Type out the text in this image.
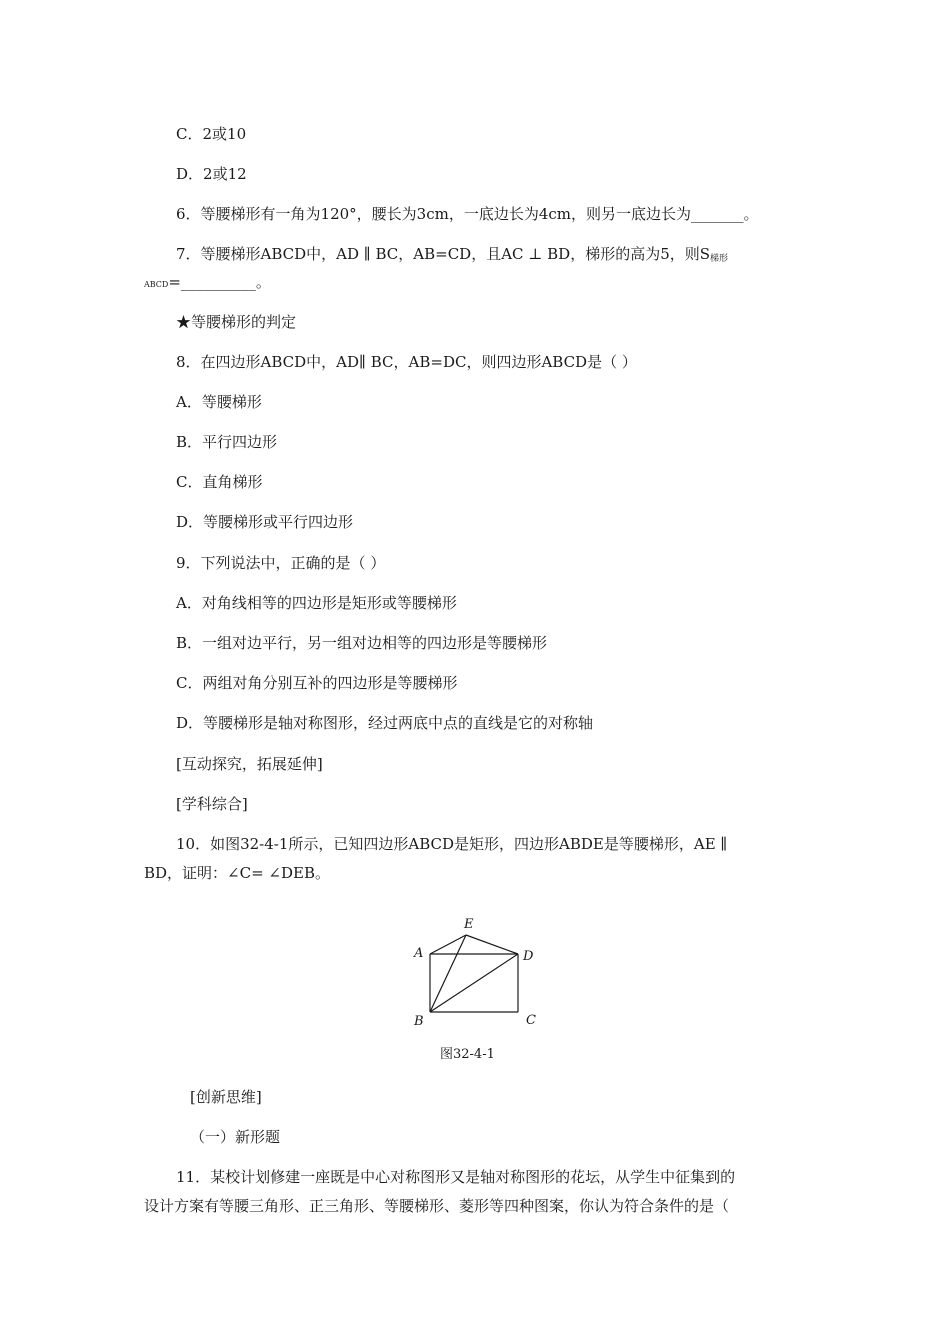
C．2或10

D．2或12

6．等腰梯形有一角为120°，腰长为3cm，一底边长为4cm，则另一底边长为_______。

7．等腰梯形ABCD中，AD ∥ BC，AB=CD，且AC ⊥ BD，梯形的高为5，则$S_{梯形}$

ABCD=__________。

★等腰梯形的判定

8．在四边形ABCD中，AD∥ BC，AB=DC，则四边形ABCD是（ ）

A．等腰梯形

B．平行四边形

C．直角梯形

D．等腰梯形或平行四边形

9．下列说法中，正确的是（ ）

A．对角线相等的四边形是矩形或等腰梯形

B．一组对边平行，另一组对边相等的四边形是等腰梯形

C．两组对角分别互补的四边形是等腰梯形

D．等腰梯形是轴对称图形，经过两底中点的直线是它的对称轴

[互动探究，拓展延伸]

[学科综合]

10．如图32-4-1所示，已知四边形ABCD是矩形，四边形ABDE是等腰梯形，AE ∥

BD，证明：∠C= ∠DEB。

A
B	C
D
E
图32-4-1

[创新思维]

（一）新形题

11．某校计划修建一座既是中心对称图形又是轴对称图形的花坛，从学生中征集到的

设计方案有等腰三角形、正三角形、等腰梯形、菱形等四种图案，你认为符合条件的是（
